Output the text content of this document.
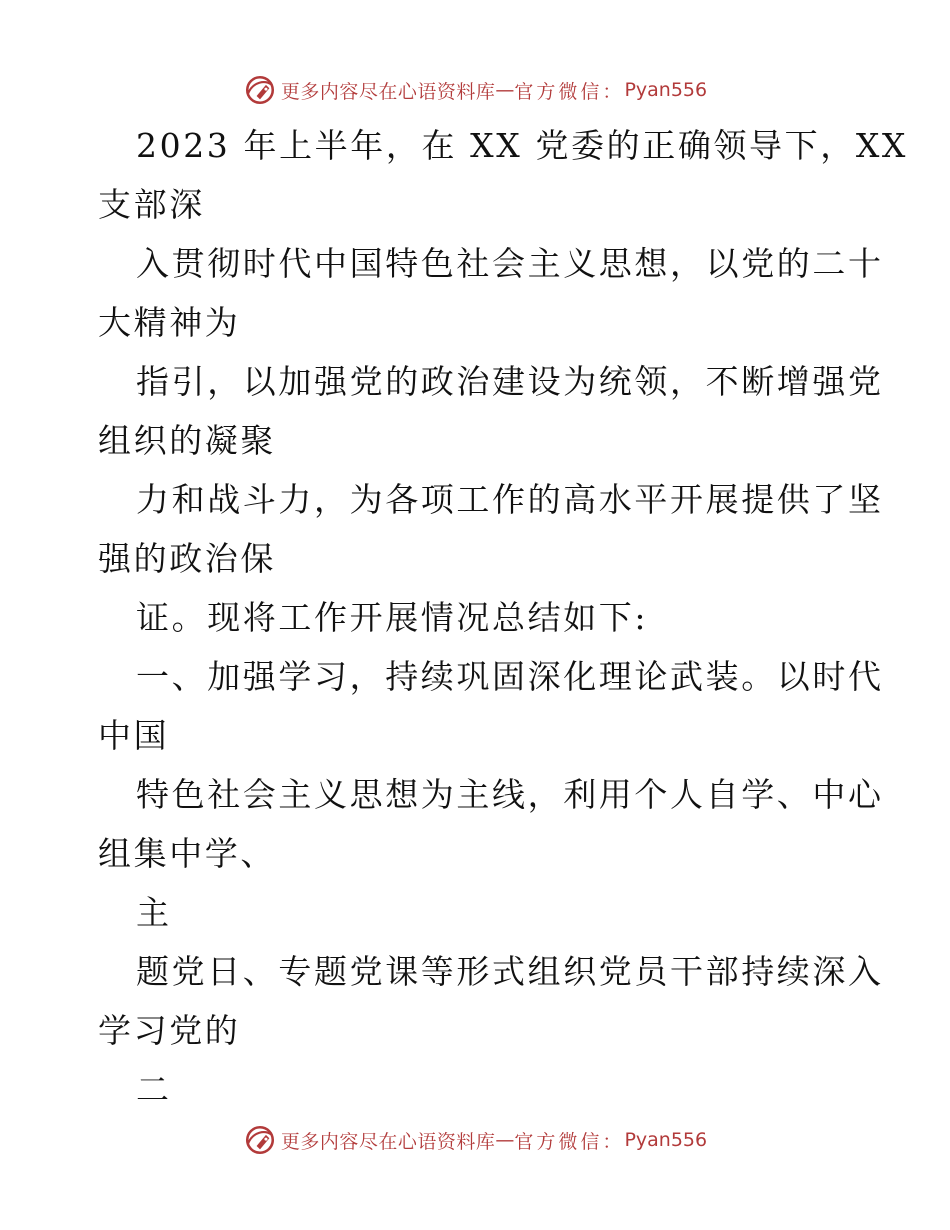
更多内容尽在心语资料库 — 官方微信： Pyan556
2023 年上半年，在 XX 党委的正确领导下，XX
支部深
入贯彻时代中国特色社会主义思想，以党的二十
大精神为
指引，以加强党的政治建设为统领，不断增强党
组织的凝聚
力和战斗力，为各项工作的高水平开展提供了坚
强的政治保
证。现将工作开展情况总结如下:
一、加强学习，持续巩固深化理论武装。以时代
中国
特色社会主义思想为主线，利用个人自学、中心
组集中学、
主
题党日、专题党课等形式组织党员干部持续深入
学习党的
二
更多内容尽在心语资料库 — 官方微信： Pyan556
